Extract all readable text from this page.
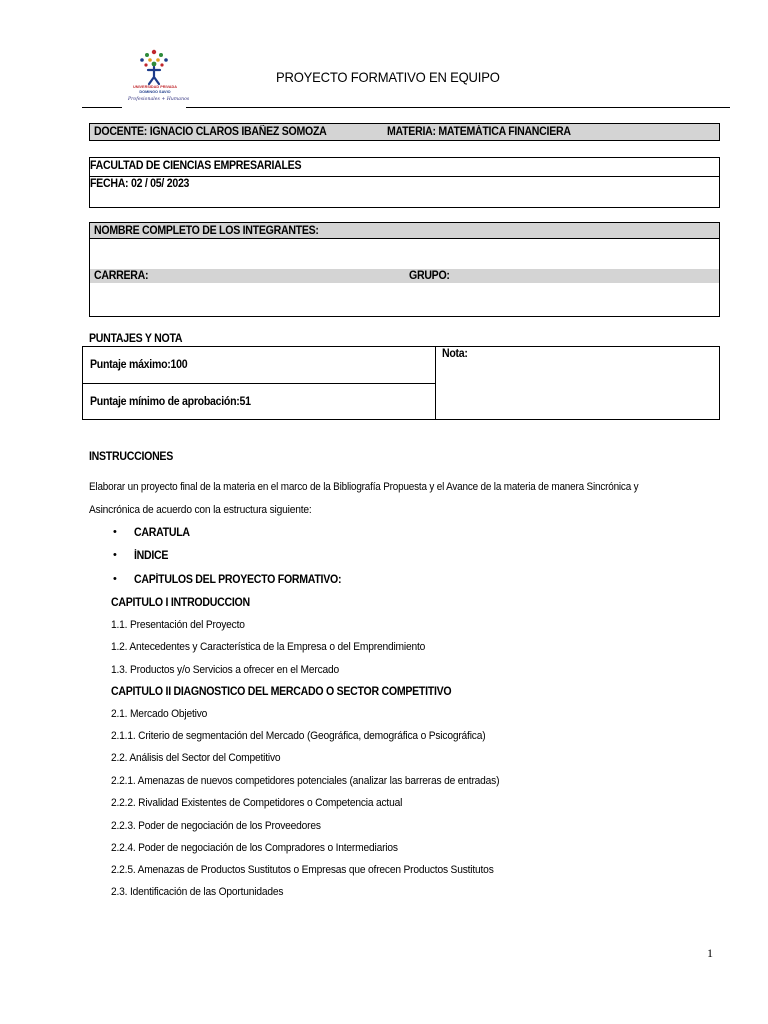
UNIVERSIDAD PRIVADA
DOMINGO SAVIO
Profesionales + Humanos
PROYECTO FORMATIVO EN EQUIPO
DOCENTE: IGNACIO CLAROS IBAÑEZ SOMOZA	MATERIA: MATEMÁTICA FINANCIERA
FACULTAD DE CIENCIAS EMPRESARIALES
FECHA: 02 / 05/ 2023
NOMBRE COMPLETO DE LOS INTEGRANTES:
CARRERA:	GRUPO:
PUNTAJES Y NOTA
Puntaje máximo:100
Puntaje mínimo de aprobación:51
Nota:
INSTRUCCIONES
Elaborar un proyecto final de la materia en el marco de la Bibliografía Propuesta y el Avance de la materia de manera Sincrónica y
Asincrónica de acuerdo con la estructura siguiente:
• CARATULA
• ÍNDICE
• CAPÍTULOS DEL PROYECTO FORMATIVO:
CAPITULO I INTRODUCCION
1.1. Presentación del Proyecto
1.2. Antecedentes y Característica de la Empresa o del Emprendimiento
1.3. Productos y/o Servicios a ofrecer en el Mercado
CAPITULO II DIAGNOSTICO DEL MERCADO O SECTOR COMPETITIVO
2.1. Mercado Objetivo
2.1.1. Criterio de segmentación del Mercado (Geográfica, demográfica o Psicográfica)
2.2. Análisis del Sector del Competitivo
2.2.1. Amenazas de nuevos competidores potenciales (analizar las barreras de entradas)
2.2.2. Rivalidad Existentes de Competidores o Competencia actual
2.2.3. Poder de negociación de los Proveedores
2.2.4. Poder de negociación de los Compradores o Intermediarios
2.2.5. Amenazas de Productos Sustitutos o Empresas que ofrecen Productos Sustitutos
2.3. Identificación de las Oportunidades
1
